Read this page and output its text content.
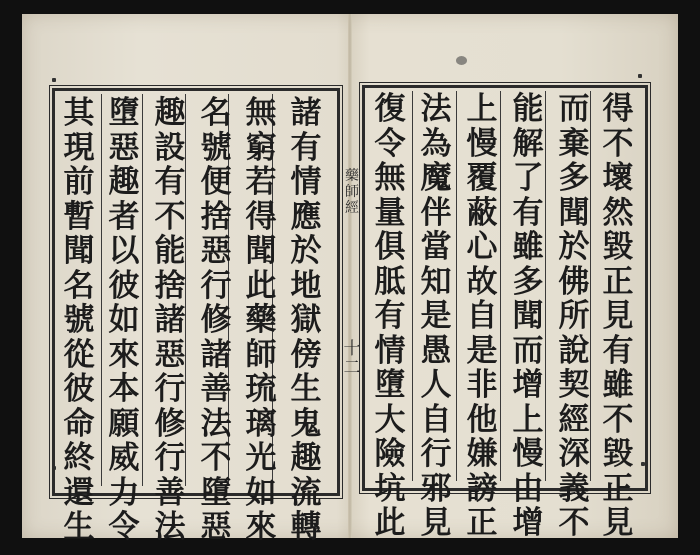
得
不
壞
然
毀
正
見
有
雖
不
毀
正
見
而
棄
多
聞
於
佛
所
說
契
經
深
義
不
能
解
了
有
雖
多
聞
而
增
上
慢
由
增
上
慢
覆
蔽
心
故
自
是
非
他
嫌
謗
正
法
為
魔
伴
當
知
是
愚
人
自
行
邪
見
復
令
無
量
俱
胝
有
情
墮
大
險
坑
此
諸
有
情
應
於
地
獄
傍
生
鬼
趣
流
轉
無
窮
若
得
聞
此
藥
師
琉
璃
光
如
來
名
號
便
捨
惡
行
修
諸
善
法
不
墮
惡
趣
設
有
不
能
捨
諸
惡
行
修
行
善
法
墮
惡
趣
者
以
彼
如
來
本
願
威
力
令
其
現
前
暫
聞
名
號
從
彼
命
終
還
生
藥
師
經
十
二
